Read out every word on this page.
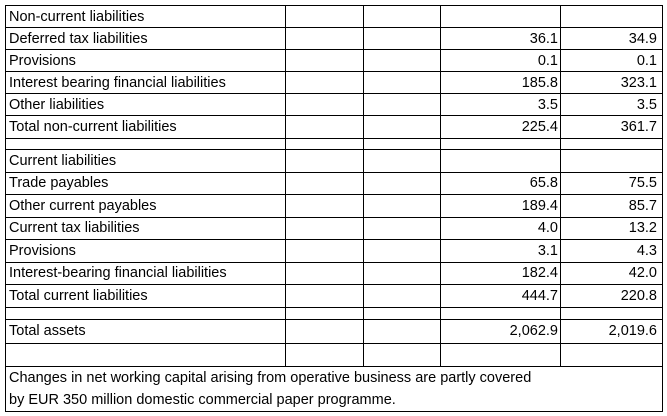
Non-current liabilities
Deferred tax liabilities	36.1	34.9
Provisions	0.1	0.1
Interest bearing financial liabilities	185.8	323.1
Other liabilities	3.5	3.5
Total non-current liabilities	225.4	361.7
Current liabilities
Trade payables	65.8	75.5
Other current payables	189.4	85.7
Current tax liabilities	4.0	13.2
Provisions	3.1	4.3
Interest-bearing financial liabilities	182.4	42.0
Total current liabilities	444.7	220.8
Total assets	2,062.9	2,019.6
Changes in net working capital arising from operative business are partly covered
by EUR 350 million domestic commercial paper programme.
